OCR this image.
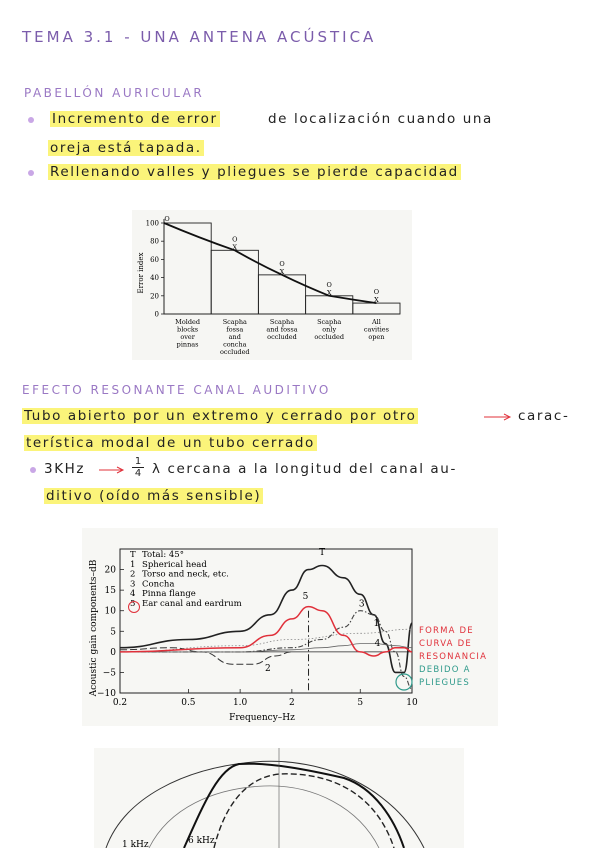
TEMA 3.1 - UNA ANTENA ACÚSTICA
PABELLÓN AURICULAR
Incremento de error	de localización cuando una
oreja está tapada.
Rellenando valles y pliegues se pierde capacidad
Error index
0
20
40
60
80
100
O
Molded
blocks
over
pinnas
O
X
Scapha
fossa
and
concha
occluded
O
X
Scapha
and fossa
occluded
O
X
Scapha
only
occluded
O
X
All
cavities
open
EFECTO RESONANTE CANAL AUDITIVO
Tubo abierto por un extremo y cerrado por otro	carac-
terística modal de un tubo cerrado
3KHz	$\frac{1}{4}$ λ cercana a la longitud del canal au-
ditivo (oído más sensible)
Acoustic gain components–dB
Frequency–Hz
−10
−5
0
5
10
15
20
0.2	0.5	1.0	2	5	10
T
5
3
1
4
2
T Total: 45°
1 Spherical head
2 Torso and neck, etc.
3 Concha
4 Pinna flange
5 Ear canal and eardrum
FORMA DE
CURVA DE
RESONANCIA
DEBIDO A
PLIEGUES
1 kHz	6 kHz
